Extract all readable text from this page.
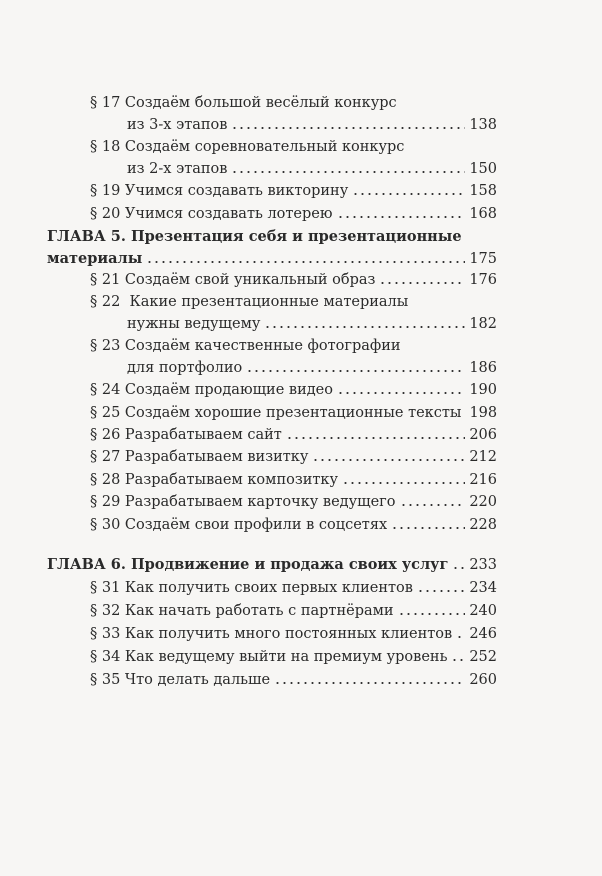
§ 17 Создаём большой весёлый конкурс
из 3-х этапов	138
§ 18 Создаём соревновательный конкурс
из 2-х этапов	150
§ 19 Учимся создавать викторину	158
§ 20 Учимся создавать лотерею	168
ГЛАВА 5. Презентация себя и презентационные
материалы	175
§ 21 Создаём свой уникальный образ	176
§ 22 Какие презентационные материалы
нужны ведущему	182
§ 23 Создаём качественные фотографии
для портфолио	186
§ 24 Создаём продающие видео	190
§ 25 Создаём хорошие презентационные тексты 198
§ 26 Разрабатываем сайт	206
§ 27 Разрабатываем визитку	212
§ 28 Разрабатываем композитку	216
§ 29 Разрабатываем карточку ведущего	220
§ 30 Создаём свои профили в соцсетях	228
ГЛАВА 6. Продвижение и продажа своих услуг 233
§ 31 Как получить своих первых клиентов	234
§ 32 Как начать работать с партнёрами	240
§ 33 Как получить много постоянных клиентов 246
§ 34 Как ведущему выйти на премиум уровень 252
§ 35 Что делать дальше	260
